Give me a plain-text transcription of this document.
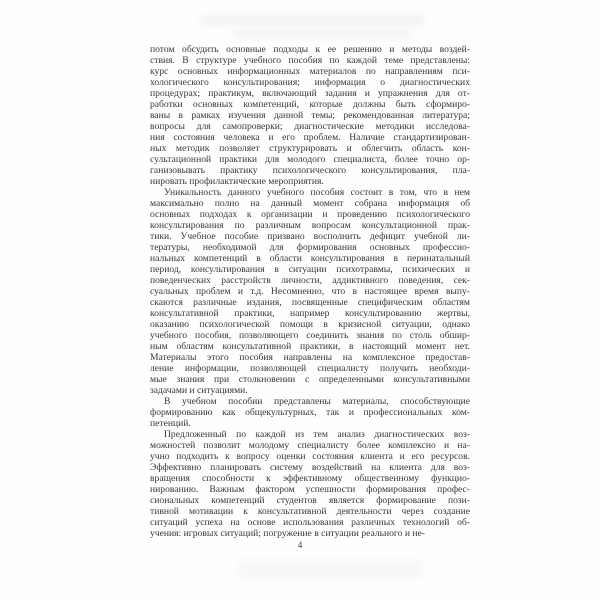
потом обсудить основные подходы к ее решению и методы воздей-
ствия. В структуре учебного пособия по каждой теме представлены:
курс основных информационных материалов по направлениям пси-
хологического консультирования; информация о диагностических
процедурах; практикум, включающий задания и упражнения для от-
работки основных компетенций, которые должны быть сформиро-
ваны в рамках изучения данной темы; рекомендованная литература;
вопросы для самопроверки; диагностические методики исследова-
ния состояния человека и его проблем. Наличие стандартизирован-
ных методик позволяет структурировать и облегчить область кон-
сультационной практики для молодого специалиста, более точно ор-
ганизовывать практику психологического консультирования, пла-
нировать профилактические мероприятия.

Уникальность данного учебного пособия состоит в том, что в нем
максимально полно на данный момент собрана информация об
основных подходах к организации и проведению психологического
консультирования по различным вопросам консультационной прак-
тики. Учебное пособие призвано восполнить дефицит учебной ли-
тературы, необходимой для формирования основных профессио-
нальных компетенций в области консультирования в перинатальный
период, консультирования в ситуации психотравмы, психических и
поведенческих расстройств личности, аддиктивного поведения, сек-
суальных проблем и т.д. Несомненно, что в настоящее время выпу-
скаются различные издания, посвященные специфическим областям
консультативной практики, например консультированию жертвы,
оказанию психологической помощи в кризисной ситуации, однако
учебного пособия, позволяющего соединить знания по столь обшир-
ным областям консультативной практики, в настоящий момент нет.
Материалы этого пособия направлены на комплексное предостав-
ление информации, позволяющей специалисту получить необходи-
мые знания при столкновении с определенными консультативными
задачами и ситуациями.

В учебном пособии представлены материалы, способствующие
формированию как общекультурных, так и профессиональных ком-
петенций.

Предложенный по каждой из тем анализ диагностических воз-
можностей позволит молодому специалисту более комплексно и на-
учно подходить к вопросу оценки состояния клиента и его ресурсов.
Эффективно планировать систему воздействий на клиента для воз-
вращения способности к эффективному общественному функцио-
нированию. Важным фактором успешности формирования профес-
сиональных компетенций студентов является формирование пози-
тивной мотивации к консультативной деятельности через создание
ситуаций успеха на основе использования различных технологий об-
учения: игровых ситуаций; погружение в ситуации реального и не-

4
